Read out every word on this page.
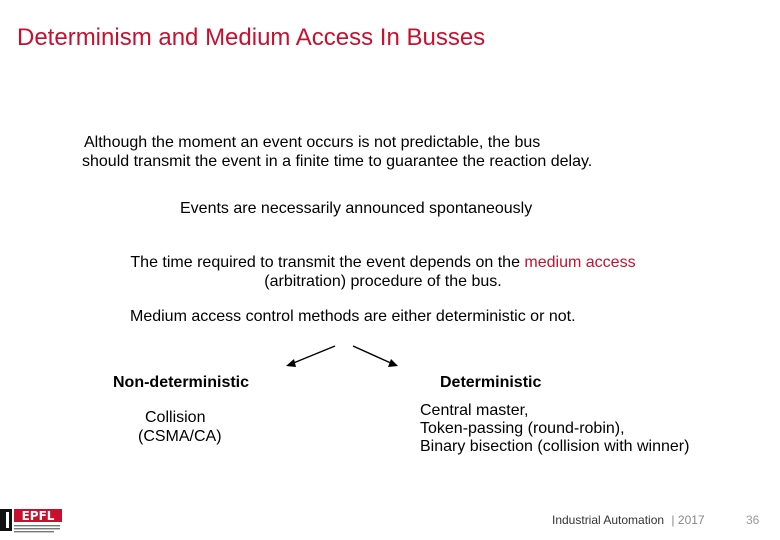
Determinism and Medium Access In Busses
Although the moment an event occurs is not predictable, the bus
should transmit the event in a finite time to guarantee the reaction delay.
Events are necessarily announced spontaneously
The time required to transmit the event depends on the medium access
(arbitration) procedure of the bus.
Medium access control methods are either deterministic or not.
Non-deterministic	Deterministic
Collision
(CSMA/CA)
Central master,
Token-passing (round-robin),
Binary bisection (collision with winner)
EPFL	Industrial Automation | 2017	36
